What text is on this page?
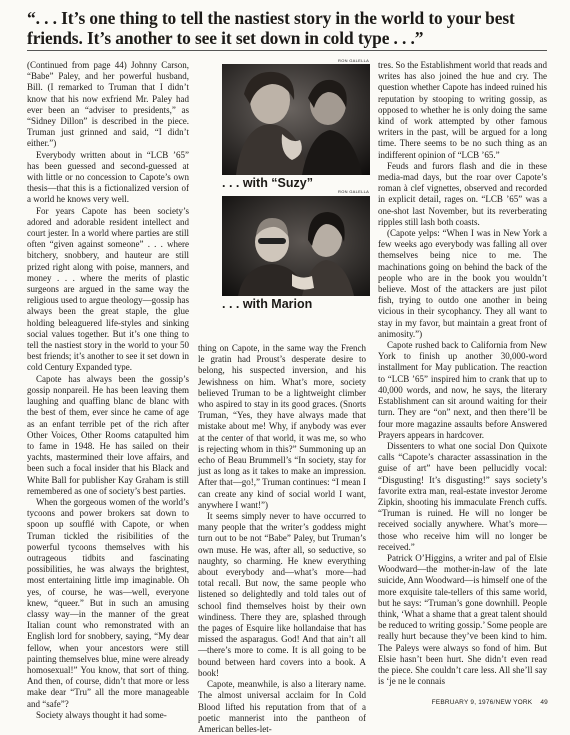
“. . . It’s one thing to tell the nastiest story in the world to your best friends. It’s another to see it set down in cold type . . .”

(Continued from page 44) Johnny Carson, “Babe” Paley, and her powerful husband, Bill. (I remarked to Truman that I didn’t know that his now exfriend Mr. Paley had ever been an “adviser to presidents,” as “Sidney Dillon” is described in the piece. Truman just grinned and said, “I didn’t either.”)

Everybody written about in “LCB ’65” has been guessed and second-guessed at with little or no concession to Capote’s own thesis—that this is a fictionalized version of a world he knows very well.

For years Capote has been society’s adored and adorable resident intellect and court jester. In a world where parties are still often “given against someone” . . . where bitchery, snobbery, and hauteur are still prized right along with poise, manners, and money . . . where the merits of plastic surgeons are argued in the same way the religious used to argue theology—gossip has always been the great staple, the glue holding beleaguered life-styles and sinking social values together. But it’s one thing to tell the nastiest story in the world to your 50 best friends; it’s another to see it set down in cold Century Expanded type.

Capote has always been the gossip’s gossip nonpareil. He has been leaving them laughing and quaffing blanc de blanc with the best of them, ever since he came of age as an enfant terrible pet of the rich after Other Voices, Other Rooms catapulted him to fame in 1948. He has sailed on their yachts, mastermined their love affairs, and been such a focal insider that his Black and White Ball for publisher Kay Graham is still remembered as one of society’s best parties.

When the gorgeous women of the world’s tycoons and power brokers sat down to spoon up soufflé with Capote, or when Truman tickled the risibilities of the powerful tycoons themselves with his outrageous tidbits and fascinating possibilities, he was always the brightest, most entertaining little imp imaginable. Oh yes, of course, he was—well, everyone knew, “queer.” But in such an amusing classy way—in the manner of the great Italian count who remonstrated with an English lord for snobbery, saying, “My dear fellow, when your ancestors were still painting themselves blue, mine were already homosexual!” You know, that sort of thing. And then, of course, didn’t that more or less make dear “Tru” all the more manageable and “safe”?

Society always thought it had some-

RON GALELLA
. . . with “Suzy”
RON GALELLA
. . . with Marion

thing on Capote, in the same way the French le gratin had Proust’s desperate desire to belong, his suspected inversion, and his Jewishness on him. What’s more, society believed Truman to be a lightweight climber who aspired to stay in its good graces. (Snorts Truman, “Yes, they have always made that mistake about me! Why, if anybody was ever at the center of that world, it was me, so who is rejecting whom in this?” Summoning up an echo of Beau Brummell’s “In society, stay for just as long as it takes to make an impression. After that—go!,” Truman continues: “I mean I can create any kind of social world I want, anywhere I want!”)

It seems simply never to have occurred to many people that the writer’s goddess might turn out to be not “Babe” Paley, but Truman’s own muse. He was, after all, so seductive, so naughty, so charming. He knew everything about everybody and—what’s more—had total recall. But now, the same people who listened so delightedly and told tales out of school find themselves hoist by their own windiness. There they are, splashed through the pages of Esquire like hollandaise that has missed the asparagus. God! And that ain’t all—there’s more to come. It is all going to be bound between hard covers into a book. A book!

Capote, meanwhile, is also a literary name. The almost universal acclaim for In Cold Blood lifted his reputation from that of a poetic mannerist into the pantheon of American belles-let-

tres. So the Establishment world that reads and writes has also joined the hue and cry. The question whether Capote has indeed ruined his reputation by stooping to writing gossip, as opposed to whether he is only doing the same kind of work attempted by other famous writers in the past, will be argued for a long time. There seems to be no such thing as an indifferent opinion of “LCB ’65.”

Feuds and furors flash and die in these media-mad days, but the roar over Capote’s roman à clef vignettes, observed and recorded in explicit detail, rages on. “LCB ’65” was a one-shot last November, but its reverberating ripples still lash both coasts.

(Capote yelps: “When I was in New York a few weeks ago everybody was falling all over themselves being nice to me. The machinations going on behind the back of the people who are in the book you wouldn’t believe. Most of the attackers are just pilot fish, trying to outdo one another in being vicious in their sycophancy. They all want to stay in my favor, but maintain a great front of animosity.”)

Capote rushed back to California from New York to finish up another 30,000-word installment for May publication. The reaction to “LCB ’65” inspired him to crank that up to 40,000 words, and now, he says, the literary Establishment can sit around waiting for their turn. They are “on” next, and then there’ll be four more magazine assaults before Answered Prayers appears in hardcover.

Dissenters to what one social Don Quixote calls “Capote’s character assassination in the guise of art” have been pellucidly vocal: “Disgusting! It’s disgusting!” says society’s favorite extra man, real-estate investor Jerome Zipkin, shooting his immaculate French cuffs. “Truman is ruined. He will no longer be received socially anywhere. What’s more—those who receive him will no longer be received.”

Patrick O’Higgins, a writer and pal of Elsie Woodward—the mother-in-law of the late suicide, Ann Woodward—is himself one of the more exquisite tale-tellers of this same world, but he says: “Truman’s gone downhill. People think, ‘What a shame that a great talent should be reduced to writing gossip.’ Some people are really hurt because they’ve been kind to him. The Paleys were always so fond of him. But Elsie hasn’t been hurt. She didn’t even read the piece. She couldn’t care less. All she’ll say is ‘je ne le connais

FEBRUARY 9, 1976/NEW YORK    49
